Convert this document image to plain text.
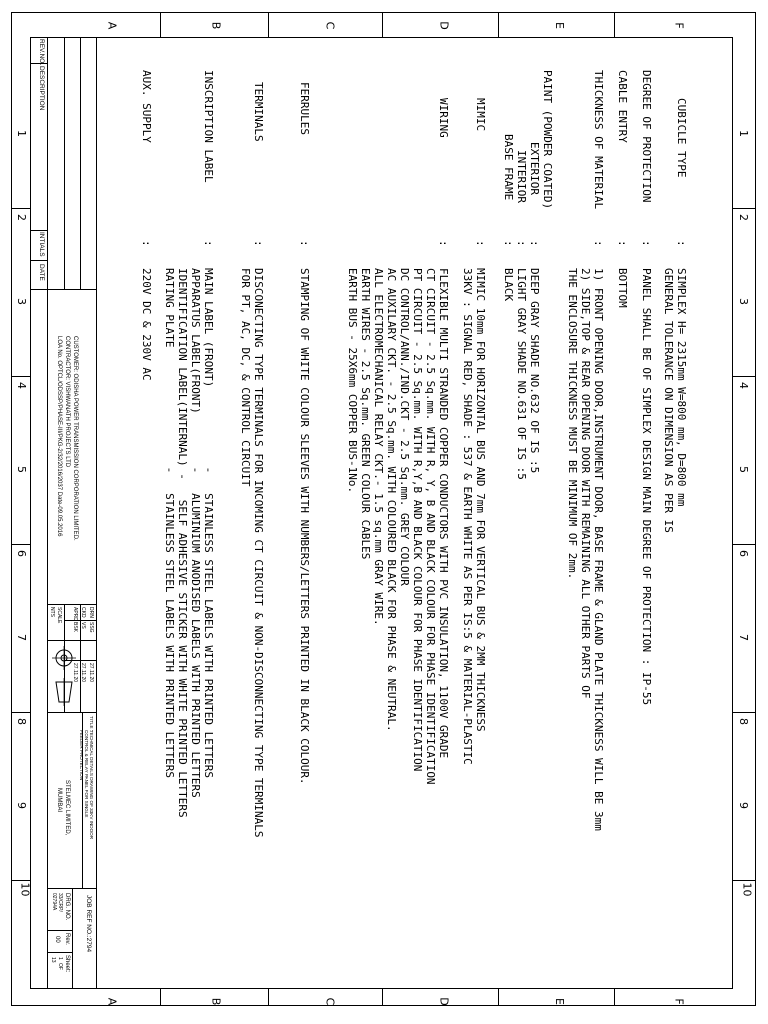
1
2
3
4
5
6
7
8
9
10
1
2
3
4
5
6
7
8
9
10
F
E
D
C
B
A
F
E
D
C
B
A
CUBICLE TYPE
:
SIMPLEX H= 2315mm W=800 mm, D=800 mm
GENERAL TOLERANCE ON DIMENSION AS PER IS
DEGREE OF PROTECTION
:
PANEL SHALL BE OF SIMPLEX DESIGN MAIN DEGREE OF PROTECTION : IP-55
CABLE ENTRY
:
BOTTOM
THICKNESS OF MATERIAL
:
1) FRONT OPENING DOOR,INSTRUMENT DOOR, BASE FRAME & GLAND PLATE THICKNESS WILL BE 3mm
2) SIDE,TOP & REAR OPENING DOOR WITH REMAINING ALL OTHER PARTS OF
THE ENCLOSURE THICKNESS MUST BE MINIMUM OF 2mm.
PAINT (POWDER COATED)
EXTERIOR
INTERIOR
BASE FRAME
:
:
:
DEEP GRAY SHADE NO.632 OF IS :5
LIGHT GRAY SHADE NO.631 OF IS :5
BLACK
MIMIC
:
MIMIC 10mm FOR HORIZONTAL BUS AND 7mm FOR VERTICAL BUS & 2MM THICKNESS
33KV : SIGNAL RED, SHADE : 537 & EARTH WHITE AS PER IS:5 & MATERIAL-PLASTIC
WIRING
:
FLEXIBLE MULTI STRANDED COPPER CONDUCTORS WITH PVC INSULATION, 1100V GRADE
CT CIRCUIT - 2.5 Sq.mm. WITH R, Y, B AND BLACK COLOUR FOR PHASE IDENTIFICATION
PT CIRCUIT - 2.5 Sq.mm. WITH R,Y,B AND BLACK COLOUR FOR PHASE IDENTIFICATION
DC CONTROL/ANN./IND.CKT - 2.5 Sq.mm. GREY COLOUR
AC AUXILARY CKT. - 2.5 Sq.mm. WITH COLOURED BLACK FOR PHASE & NEUTRAL.
ALL ELECTROMECHANICAL RELAY CKT.- 1.5 sq.mm GRAY WIRE.
EARTH WIRES - 2.5 Sq.mm. GREEN COLOUR CABLES
EARTH BUS - 25X6mm COPPER BUS-1No.
FERRULES
:
STAMPING OF WHITE COLOUR SLEEVES WITH NUMBERS/LETTERS PRINTED IN BLACK COLOUR.
TERMINALS
:
DISCONECTING TYPE TERMINALS FOR INCOMING CT CIRCUIT & NON-DISCONNECTING TYPE TERMINALS
FOR PT, AC, DC, & CONTROL CIRCUIT
INSCRIPTION LABEL
:
MAIN LABEL (FRONT)            -   STAINLESS STEEL LABELS WITH PRINTED LETTERS
APPARATUS LABEL(FRONT)        -   ALUMINIUM ANODISED LABELS WITH PRINTED LETTERS
IDENTIFICATION LABEL(INTERNAL) -   SELF ADHESIVE STICKER WITH WHITE PRINTED LETTERS
RATING PLATE                  -   STAINLESS STEEL LABELS WITH PRINTED LETTERS
AUX. SUPPLY
:
220V DC & 230V AC
REV.NO.
DESCRIPTION
INTIALS
DATE
CUSTOMER: ODISHA POWER TRANSMISSION CORPORATION LIMITED.
CONTRACTOR: VISHWANATH PROJECTS LTD
LOA No. OPTCL/ODSSP/PHASE-III/PKG-2/32/2016/2037 Date-09.05.2016
DRN
SSG
27.11.20
CKD
VS
27.11.20
APRD
BSK
27.11.20
SCALE
NTS
TITLE :
TECHNICAL DETAILS DRAWING OF 33KV INDOOR
CONTROL & RELAY PANEL FOR SINGLE
FEEDER PROTECTION
STELMEC LIMITED,
MUMBAI
JOB REF NO.:2794
DRG. NO.
33/CRP/
02794A
Rev.
00
Sheet:
1
OF
13
